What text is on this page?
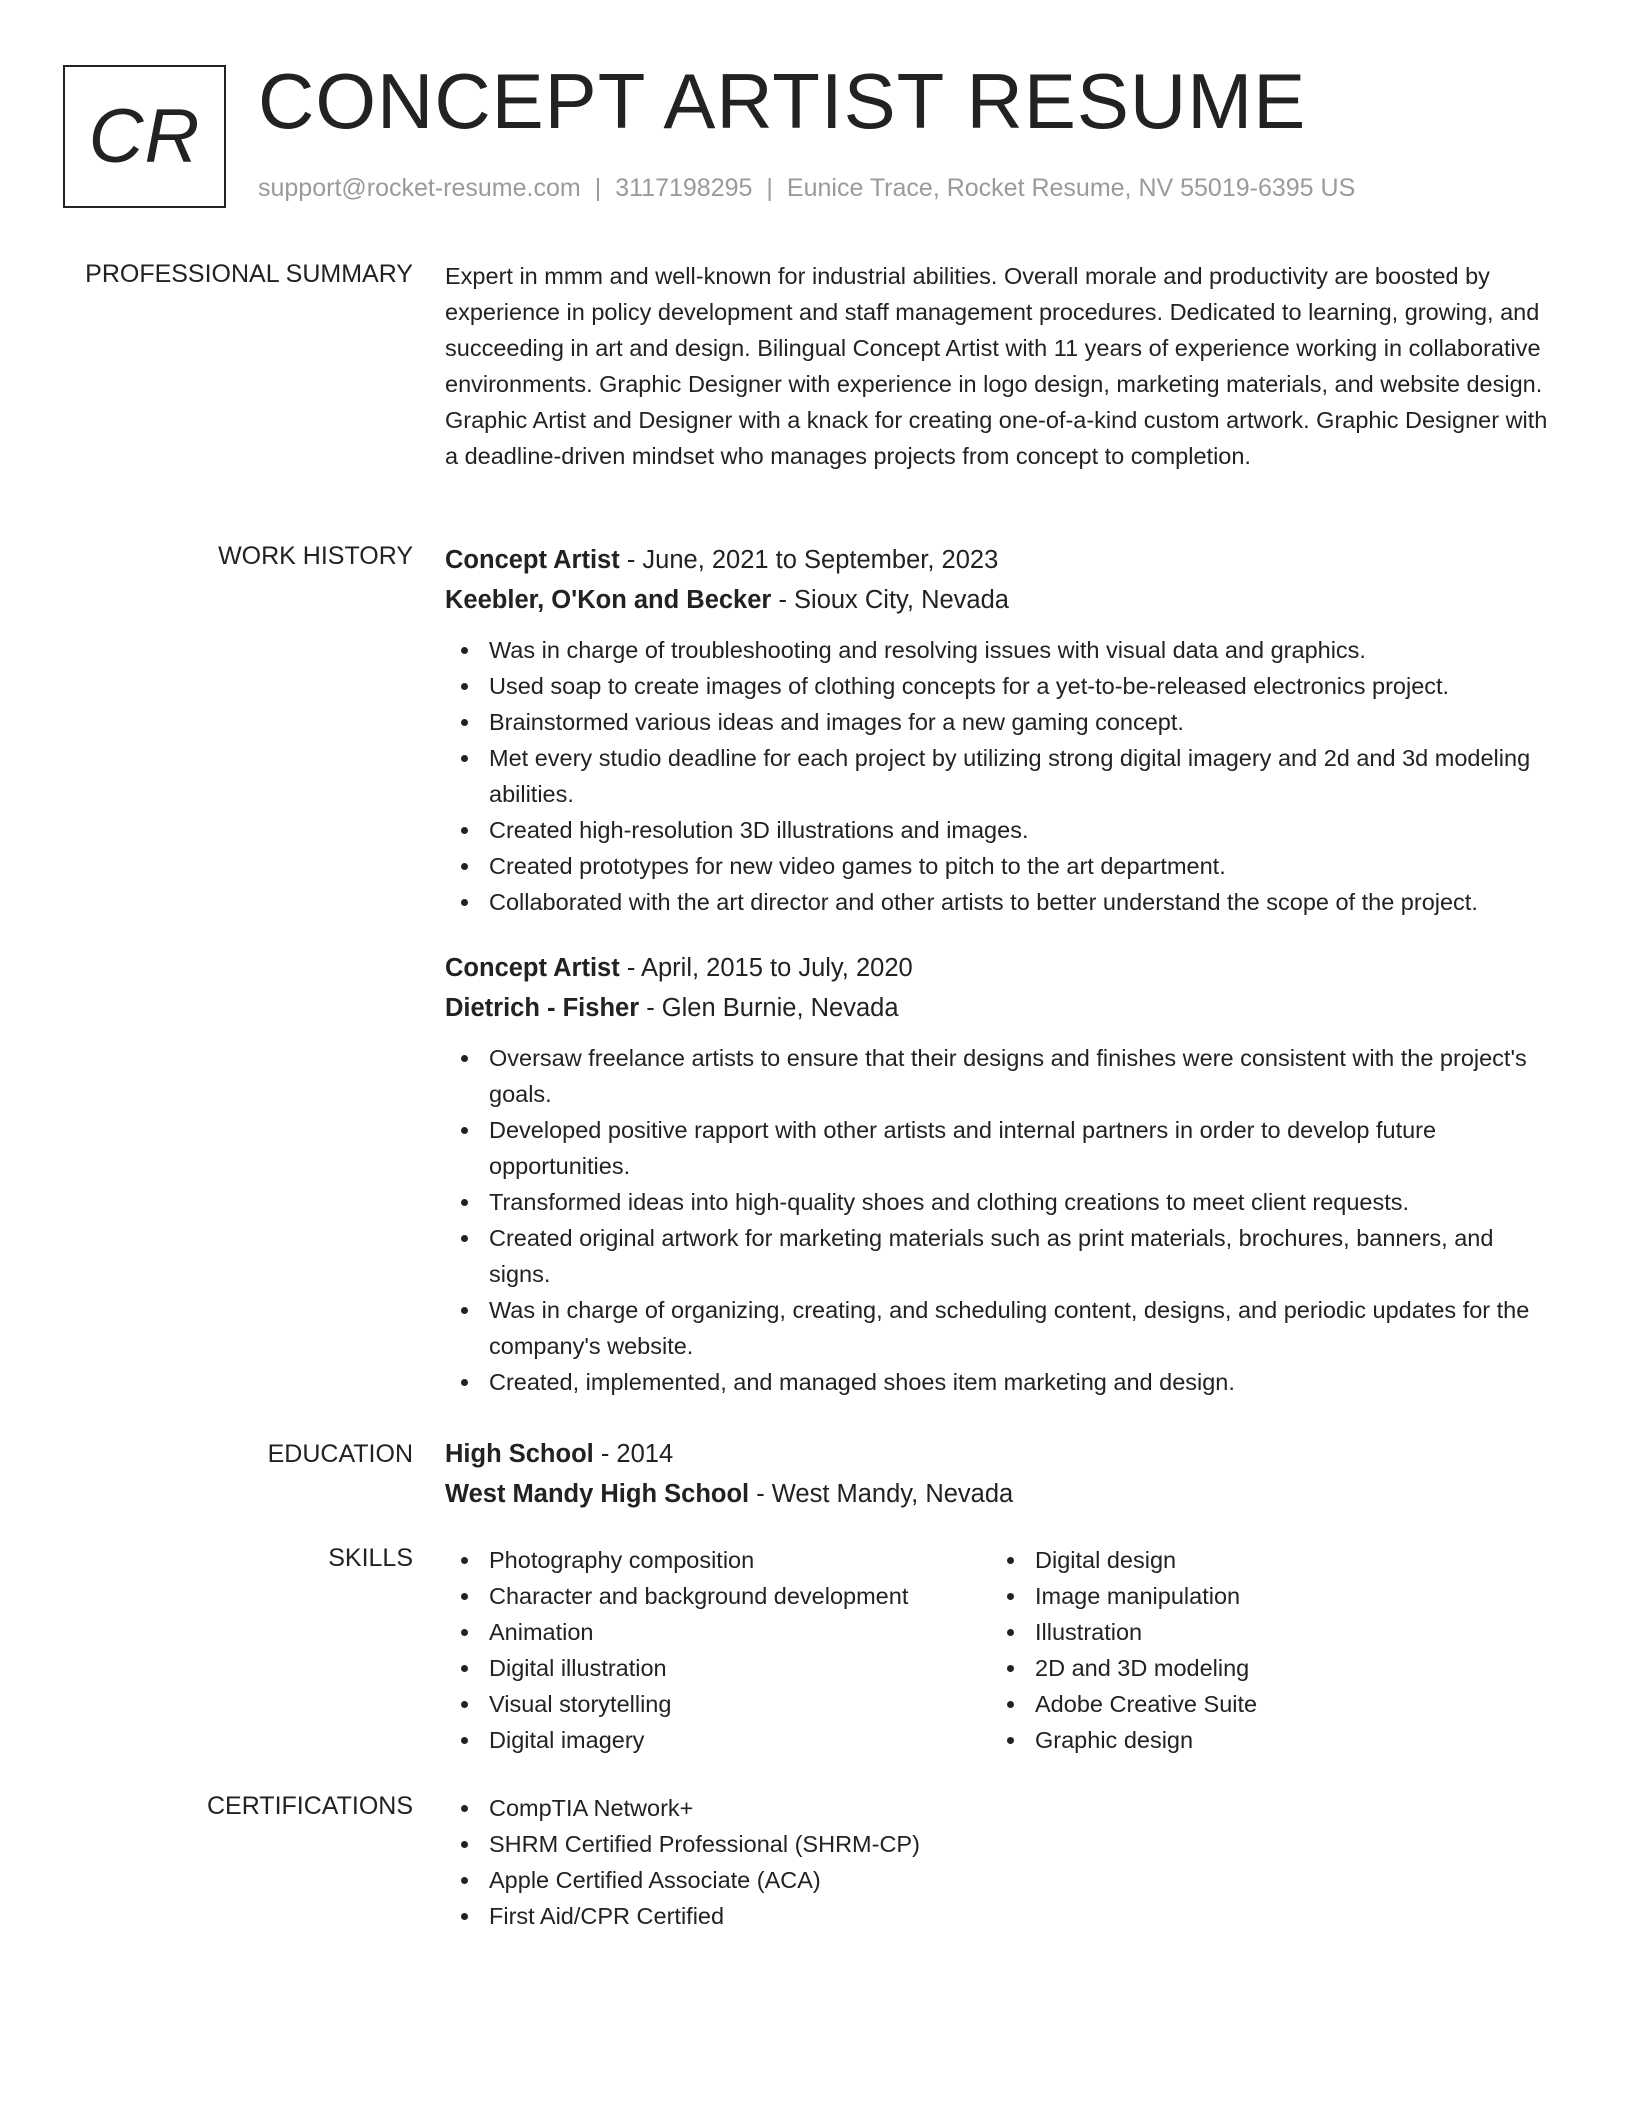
CR CONCEPT ARTIST RESUME
support@rocket-resume.com | 3117198295 | Eunice Trace, Rocket Resume, NV 55019-6395 US
PROFESSIONAL SUMMARY Expert in mmm and well-known for industrial abilities. Overall morale and productivity are boosted by experience in policy development and staff management procedures. Dedicated to learning, growing, and succeeding in art and design. Bilingual Concept Artist with 11 years of experience working in collaborative environments. Graphic Designer with experience in logo design, marketing materials, and website design. Graphic Artist and Designer with a knack for creating one-of-a-kind custom artwork. Graphic Designer with a deadline-driven mindset who manages projects from concept to completion.
WORK HISTORY Concept Artist - June, 2021 to September, 2023
Keebler, O'Kon and Becker - Sioux City, Nevada
Was in charge of troubleshooting and resolving issues with visual data and graphics.
Used soap to create images of clothing concepts for a yet-to-be-released electronics project.
Brainstormed various ideas and images for a new gaming concept.
Met every studio deadline for each project by utilizing strong digital imagery and 2d and 3d modeling abilities.
Created high-resolution 3D illustrations and images.
Created prototypes for new video games to pitch to the art department.
Collaborated with the art director and other artists to better understand the scope of the project.
Concept Artist - April, 2015 to July, 2020
Dietrich - Fisher - Glen Burnie, Nevada
Oversaw freelance artists to ensure that their designs and finishes were consistent with the project's goals.
Developed positive rapport with other artists and internal partners in order to develop future opportunities.
Transformed ideas into high-quality shoes and clothing creations to meet client requests.
Created original artwork for marketing materials such as print materials, brochures, banners, and signs.
Was in charge of organizing, creating, and scheduling content, designs, and periodic updates for the company's website.
Created, implemented, and managed shoes item marketing and design.
EDUCATION High School - 2014
West Mandy High School - West Mandy, Nevada
SKILLS	Photography composition
Character and background development
Animation
Digital illustration
Visual storytelling
Digital imagery
Digital design
Image manipulation
Illustration
2D and 3D modeling
Adobe Creative Suite
Graphic design
CERTIFICATIONS	CompTIA Network+
SHRM Certified Professional (SHRM-CP)
Apple Certified Associate (ACA)
First Aid/CPR Certified
